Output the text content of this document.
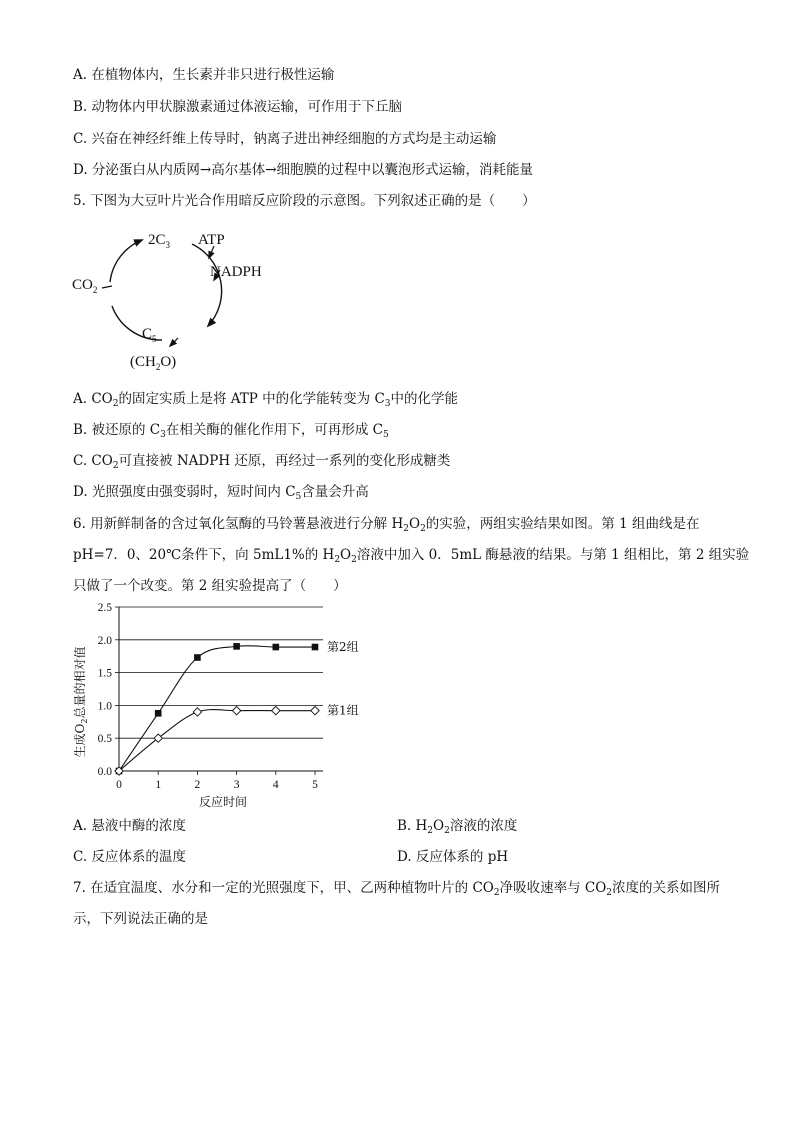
A. 在植物体内，生长素并非只进行极性运输
B. 动物体内甲状腺激素通过体液运输，可作用于下丘脑
C. 兴奋在神经纤维上传导时，钠离子进出神经细胞的方式均是主动运输
D. 分泌蛋白从内质网→高尔基体→细胞膜的过程中以囊泡形式运输，消耗能量
5. 下图为大豆叶片光合作用暗反应阶段的示意图。下列叙述正确的是（　　）
$2C_3$ ATP
NADPH
$CO_2$
$C_5$
$(CH_2O)$
A. $CO_2$的固定实质上是将 ATP 中的化学能转变为 $C_3$中的化学能
B. 被还原的 $C_3$在相关酶的催化作用下，可再形成 $C_5$
C. $CO_2$可直接被 NADPH 还原，再经过一系列的变化形成糖类
D. 光照强度由强变弱时，短时间内 $C_5$含量会升高
6. 用新鲜制备的含过氧化氢酶的马铃薯悬液进行分解 $H_2O_2$的实验，两组实验结果如图。第 1 组曲线是在
pH=7．0、20℃条件下，向 5mL1%的 $H_2O_2$溶液中加入 0．5mL 酶悬液的结果。与第 1 组相比，第 2 组实验
只做了一个改变。第 2 组实验提高了（　　）
0.0
0.5
1.0
1.5
2.0
2.5
0	1	2	3	4	5
反应时间
生成$O_2$总量的相对值	第2组
第1组
A. 悬液中酶的浓度	B. $H_2O_2$溶液的浓度
C. 反应体系的温度	D. 反应体系的 pH
7. 在适宜温度、水分和一定的光照强度下，甲、乙两种植物叶片的 $CO_2$净吸收速率与 $CO_2$浓度的关系如图所
示，下列说法正确的是
